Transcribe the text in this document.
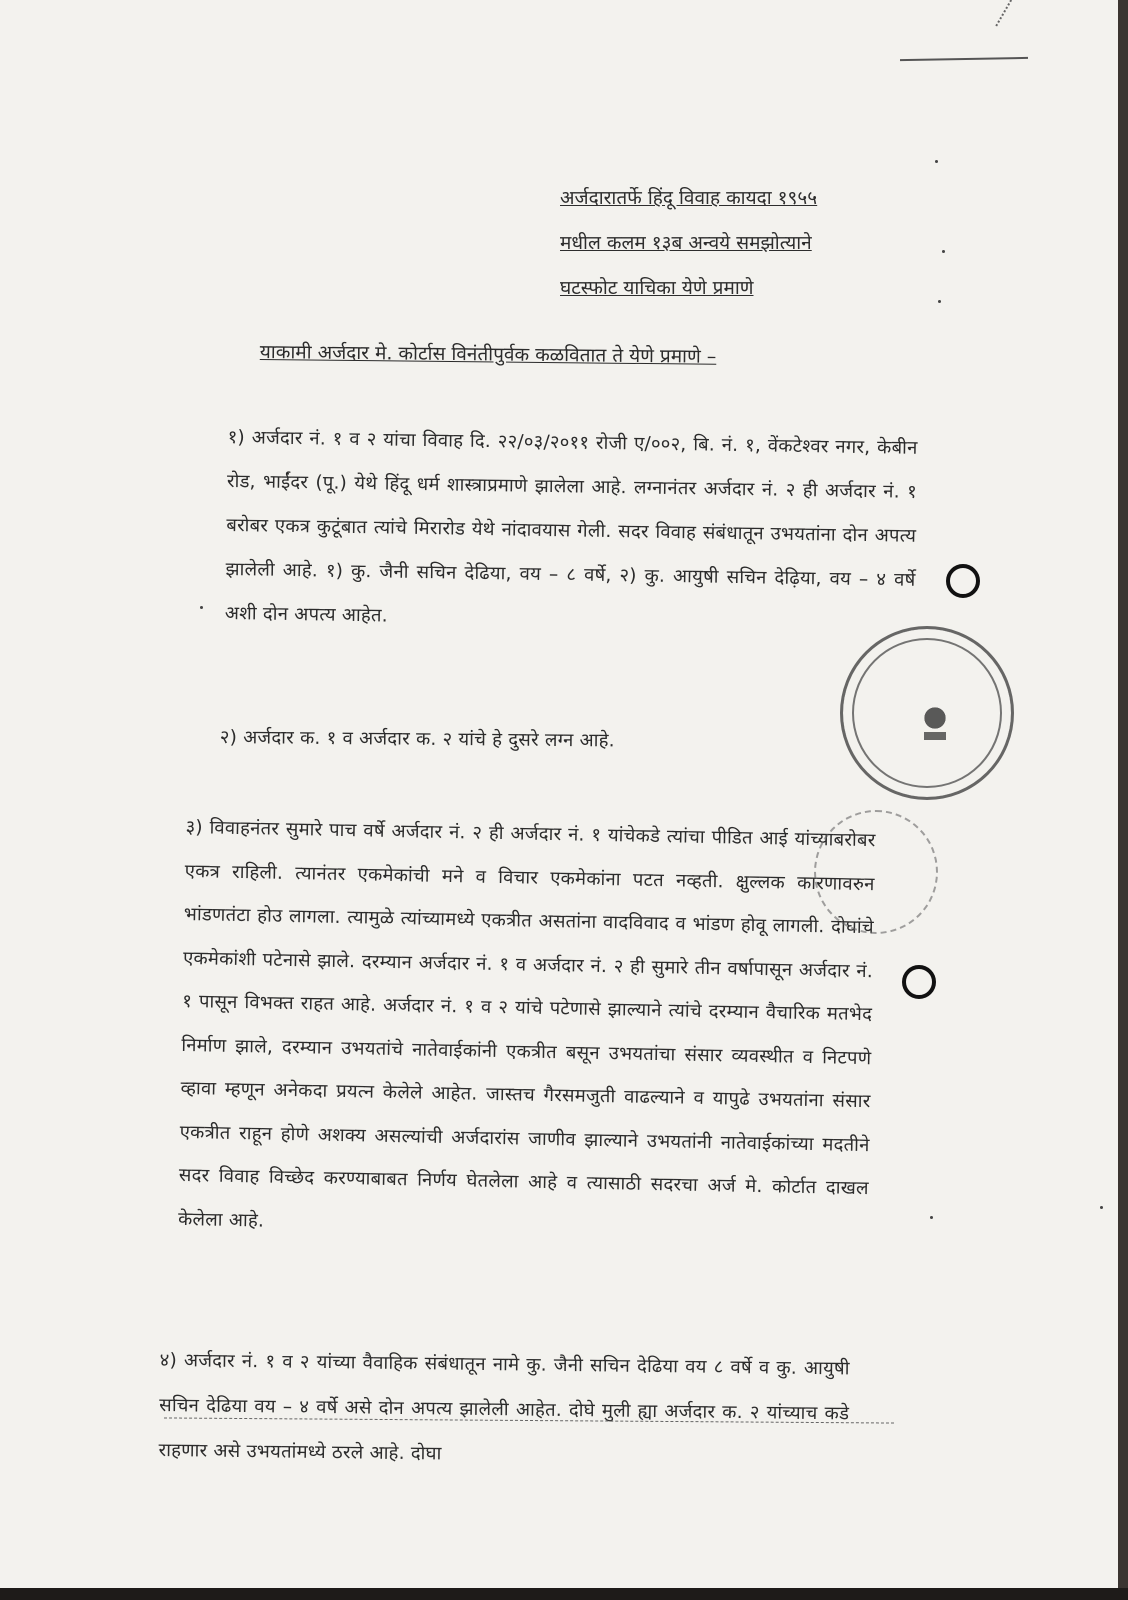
अर्जदारातर्फे हिंदू विवाह कायदा १९५५
मधील कलम १३ब अन्वये समझोत्याने
घटस्फोट याचिका येणे प्रमाणे
याकामी अर्जदार मे. कोर्टास विनंतीपुर्वक कळवितात ते येणे प्रमाणे –
१) अर्जदार नं. १ व २ यांचा विवाह दि. २२/०३/२०११ रोजी ए/००२, बि. नं. १, वेंकटेश्वर नगर, केबीन रोड, भाईंदर (पू.) येथे हिंदू धर्म शास्त्राप्रमाणे झालेला आहे. लग्नानंतर अर्जदार नं. २ ही अर्जदार नं. १ बरोबर एकत्र कुटूंबात त्यांचे मिरारोड येथे नांदावयास गेली. सदर विवाह संबंधातून उभयतांना दोन अपत्य झालेली आहे. १) कु. जैनी सचिन देढिया, वय – ८ वर्षे, २) कु. आयुषी सचिन देढ़िया, वय – ४ वर्षे अशी दोन अपत्य आहेत.
२) अर्जदार क. १ व अर्जदार क. २ यांचे हे दुसरे लग्न आहे.
३) विवाहनंतर सुमारे पाच वर्षे अर्जदार नं. २ ही अर्जदार नं. १ यांचेकडे त्यांचा पीडित आई यांच्याबरोबर एकत्र राहिली. त्यानंतर एकमेकांची मने व विचार एकमेकांना पटत नव्हती. क्षुल्लक कारणावरुन भांडणतंटा होउ लागला. त्यामुळे त्यांच्यामध्ये एकत्रीत असतांना वादविवाद व भांडण होवू लागली. दोघांचे एकमेकांशी पटेनासे झाले. दरम्यान अर्जदार नं. १ व अर्जदार नं. २ ही सुमारे तीन वर्षापासून अर्जदार नं. १ पासून विभक्त राहत आहे. अर्जदार नं. १ व २ यांचे पटेणासे झाल्याने त्यांचे दरम्यान वैचारिक मतभेद निर्माण झाले, दरम्यान उभयतांचे नातेवाईकांनी एकत्रीत बसून उभयतांचा संसार व्यवस्थीत व निटपणे व्हावा म्हणून अनेकदा प्रयत्न केलेले आहेत. जास्तच गैरसमजुती वाढल्याने व यापुढे उभयतांना संसार एकत्रीत राहून होणे अशक्य असल्यांची अर्जदारांस जाणीव झाल्याने उभयतांनी नातेवाईकांच्या मदतीने सदर विवाह विच्छेद करण्याबाबत निर्णय घेतलेला आहे व त्यासाठी सदरचा अर्ज मे. कोर्टात दाखल केलेला आहे.
४) अर्जदार नं. १ व २ यांच्या वैवाहिक संबंधातून नामे कु. जैनी सचिन देढिया वय ८ वर्षे व कु. आयुषी सचिन देढिया वय – ४ वर्षे असे दोन अपत्य झालेली आहेत. दोघे मुली ह्या अर्जदार क. २ यांच्याच कडे राहणार असे उभयतांमध्ये ठरले आहे. दोघा
